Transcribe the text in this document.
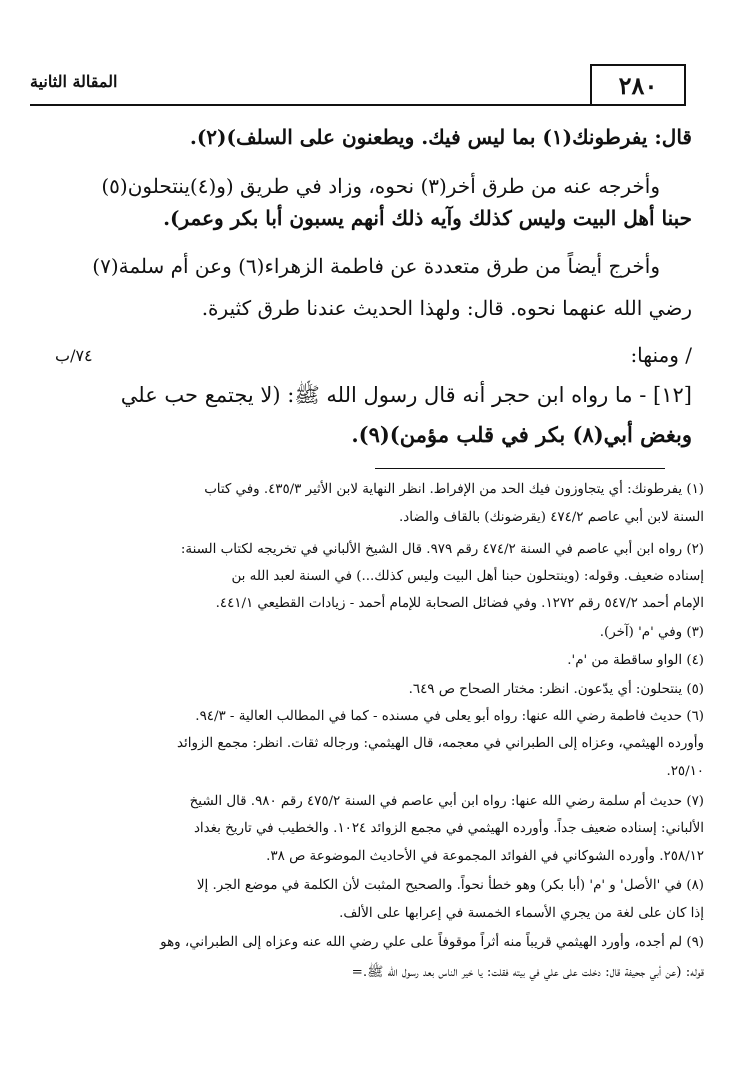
٢٨٠
المقالة الثانية
قال: يفرطونك(١) بما ليس فيك. ويطعنون على السلف)(٢).
وأخرجه عنه من طرق أخر(٣) نحوه، وزاد في طريق (و(٤)ينتحلون(٥)
حبنا أهل البيت وليس كذلك وآيه ذلك أنهم يسبون أبا بكر وعمر).
وأخرج أيضاً من طرق متعددة عن فاطمة الزهراء(٦) وعن أم سلمة(٧)
رضي الله عنهما نحوه. قال: ولهذا الحديث عندنا طرق كثيرة.
/ ومنها:
٧٤/ب
[١٢] - ما رواه ابن حجر أنه قال رسول الله ﷺ: (لا يجتمع حب علي
وبغض أبي(٨) بكر في قلب مؤمن)(٩).
(١) يفرطونك: أي يتجاوزون فيك الحد من الإفراط. انظر النهاية لابن الأثير ٤٣٥/٣. وفي كتاب
السنة لابن أبي عاصم ٤٧٤/٢ (يقرضونك) بالقاف والضاد.
(٢) رواه ابن أبي عاصم في السنة ٤٧٤/٢ رقم ٩٧٩. قال الشيخ الألباني في تخريجه لكتاب السنة:
إسناده ضعيف. وقوله: (وينتحلون حبنا أهل البيت وليس كذلك...) في السنة لعبد الله بن
الإمام أحمد ٥٤٧/٢ رقم ١٢٧٢. وفي فضائل الصحابة للإمام أحمد - زيادات القطيعي ٤٤١/١.
(٣) وفي 'م' (آخر).
(٤) الواو ساقطة من 'م'.
(٥) ينتحلون: أي يدّعون. انظر: مختار الصحاح ص ٦٤٩.
(٦) حديث فاطمة رضي الله عنها: رواه أبو يعلى في مسنده - كما في المطالب العالية - ٩٤/٣.
وأورده الهيثمي، وعزاه إلى الطبراني في معجمه، قال الهيثمي: ورجاله ثقات. انظر: مجمع الزوائد
٢٥/١٠.
(٧) حديث أم سلمة رضي الله عنها: رواه ابن أبي عاصم في السنة ٤٧٥/٢ رقم ٩٨٠. قال الشيخ
الألباني: إسناده ضعيف جداً. وأورده الهيثمي في مجمع الزوائد ١٠٢٤. والخطيب في تاريخ بغداد
٢٥٨/١٢. وأورده الشوكاني في الفوائد المجموعة في الأحاديث الموضوعة ص ٣٨.
(٨) في 'الأصل' و 'م' (أبا بكر) وهو خطأ نحواً. والصحيح المثبت لأن الكلمة في موضع الجر. إلا
إذا كان على لغة من يجري الأسماء الخمسة في إعرابها على الألف.
(٩) لم أجده، وأورد الهيثمي قريباً منه أثراً موقوفاً على علي رضي الله عنه وعزاه إلى الطبراني، وهو
قوله: (عن أبي جحيفة قال: دخلت على علي في بيته فقلت: يا خير الناس بعد رسول الله ﷺ.=
